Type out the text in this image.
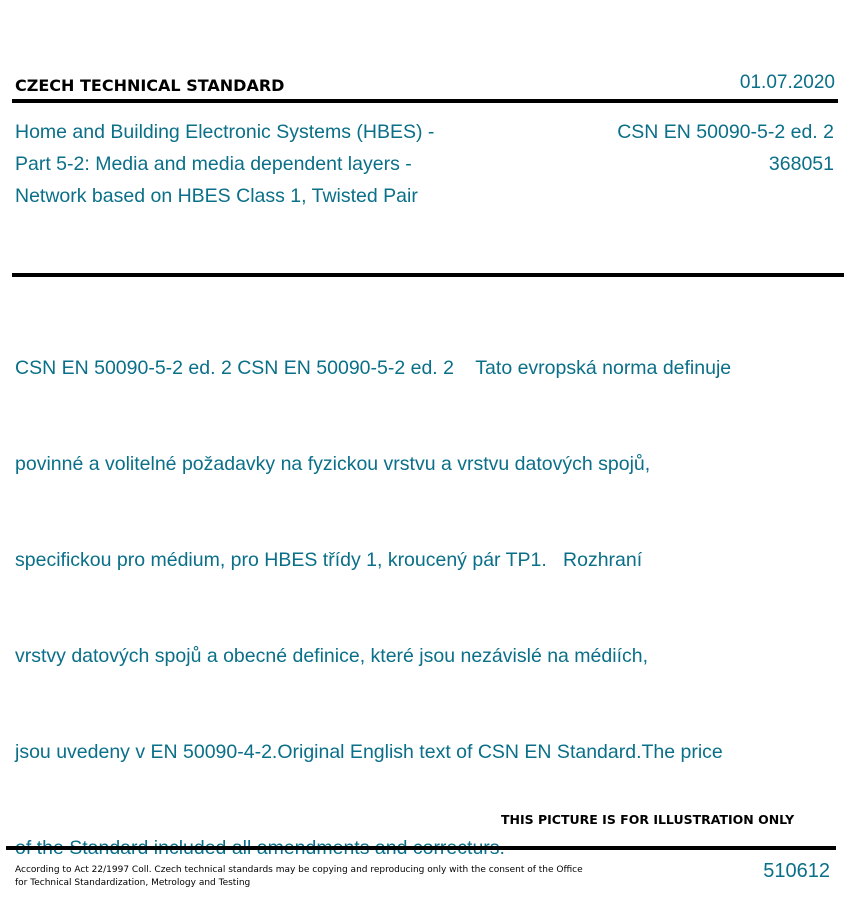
CZECH TECHNICAL STANDARD	01.07.2020
Home and Building Electronic Systems (HBES) -
Part 5-2: Media and media dependent layers -
Network based on HBES Class 1, Twisted Pair
CSN EN 50090-5-2 ed. 2
368051

CSN EN 50090-5-2 ed. 2 CSN EN 50090-5-2 ed. 2    Tato evropská norma definuje

povinné a volitelné požadavky na fyzickou vrstvu a vrstvu datových spojů,

specifickou pro médium, pro HBES třídy 1, kroucený pár TP1.   Rozhraní

vrstvy datových spojů a obecné definice, které jsou nezávislé na médiích,

jsou uvedeny v EN 50090-4-2.Original English text of CSN EN Standard.The price

THIS PICTURE IS FOR ILLUSTRATION ONLY
According to Act 22/1997 Coll. Czech technical standards may be copying and reproducing only with the consent of the Office
for Technical Standardization, Metrology and Testing
510612
